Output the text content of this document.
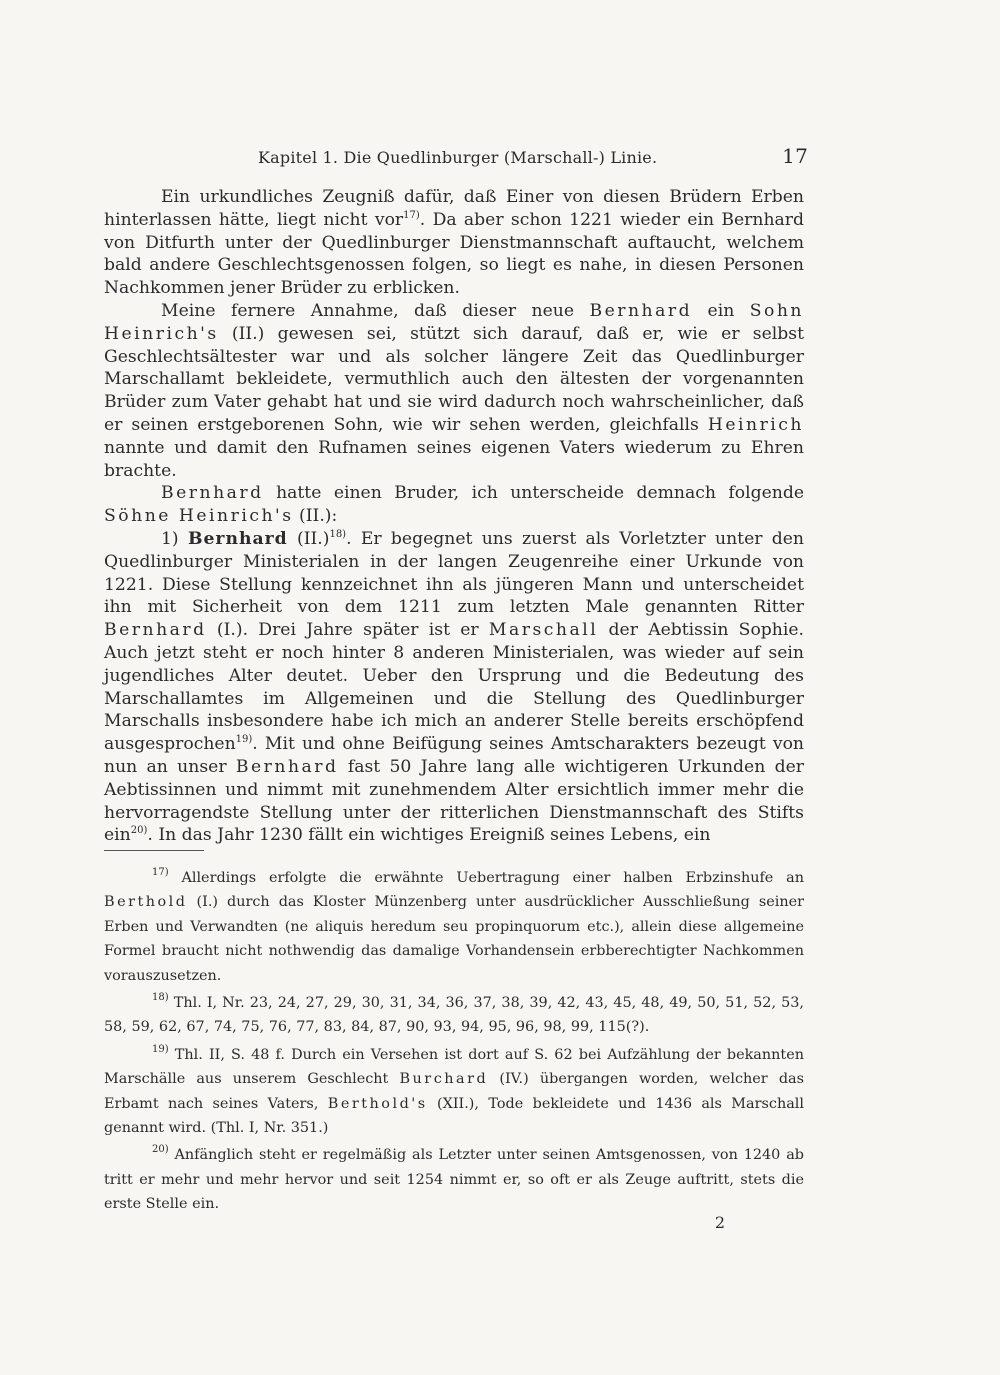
Kapitel 1. Die Quedlinburger (Marschall-) Linie.	17

Ein urkundliches Zeugniß dafür, daß Einer von diesen Brüdern Erben hinterlassen hätte, liegt nicht vor$^{17)}$. Da aber schon 1221 wieder ein Bernhard von Ditfurth unter der Quedlinburger Dienstmannschaft auftaucht, welchem bald andere Geschlechtsgenossen folgen, so liegt es nahe, in diesen Personen Nachkommen jener Brüder zu erblicken.

Meine fernere Annahme, daß dieser neue Bernhard ein Sohn Heinrich's (II.) gewesen sei, stützt sich darauf, daß er, wie er selbst Geschlechtsältester war und als solcher längere Zeit das Quedlinburger Marschallamt bekleidete, vermuthlich auch den ältesten der vorgenannten Brüder zum Vater gehabt hat und sie wird dadurch noch wahrscheinlicher, daß er seinen erstgeborenen Sohn, wie wir sehen werden, gleichfalls Heinrich nannte und damit den Rufnamen seines eigenen Vaters wiederum zu Ehren brachte.

Bernhard hatte einen Bruder, ich unterscheide demnach folgende Söhne Heinrich's (II.):

1) Bernhard $(II.)^{18)}$. Er begegnet uns zuerst als Vorletzter unter den Quedlinburger Ministerialen in der langen Zeugenreihe einer Urkunde von 1221. Diese Stellung kennzeichnet ihn als jüngeren Mann und unterscheidet ihn mit Sicherheit von dem 1211 zum letzten Male genannten Ritter Bernhard (I.). Drei Jahre später ist er Marschall der Aebtissin Sophie. Auch jetzt steht er noch hinter 8 anderen Ministerialen, was wieder auf sein jugendliches Alter deutet. Ueber den Ursprung und die Bedeutung des Marschallamtes im Allgemeinen und die Stellung des Quedlinburger Marschalls insbesondere habe ich mich an anderer Stelle bereits erschöpfend ausgesprochen$^{19)}$. Mit und ohne Beifügung seines Amtscharakters bezeugt von nun an unser Bernhard fast 50 Jahre lang alle wichtigeren Urkunden der Aebtissinnen und nimmt mit zunehmendem Alter ersichtlich immer mehr die hervorragendste Stellung unter der ritterlichen Dienstmannschaft des Stifts ein$^{20)}$. In das Jahr 1230 fällt ein wichtiges Ereigniß seines Lebens, ein

$^{17)}$ Allerdings erfolgte die erwähnte Uebertragung einer halben Erbzinshufe an Berthold (I.) durch das Kloster Münzenberg unter ausdrücklicher Ausschließung seiner Erben und Verwandten (ne aliquis heredum seu propinquorum etc.), allein diese allgemeine Formel braucht nicht nothwendig das damalige Vorhandensein erbberechtigter Nachkommen vorauszusetzen.

$^{18)}$ Thl. I, Nr. 23, 24, 27, 29, 30, 31, 34, 36, 37, 38, 39, 42, 43, 45, 48, 49, 50, 51, 52, 53, 58, 59, 62, 67, 74, 75, 76, 77, 83, 84, 87, 90, 93, 94, 95, 96, 98, 99, 115(?).

$^{19)}$ Thl. II, S. 48 f. Durch ein Versehen ist dort auf S. 62 bei Aufzählung der bekannten Marschälle aus unserem Geschlecht Burchard (IV.) übergangen worden, welcher das Erbamt nach seines Vaters, Berthold's (XII.), Tode bekleidete und 1436 als Marschall genannt wird. (Thl. I, Nr. 351.)

$^{20)}$ Anfänglich steht er regelmäßig als Letzter unter seinen Amtsgenossen, von 1240 ab tritt er mehr und mehr hervor und seit 1254 nimmt er, so oft er als Zeuge auftritt, stets die erste Stelle ein.

2
